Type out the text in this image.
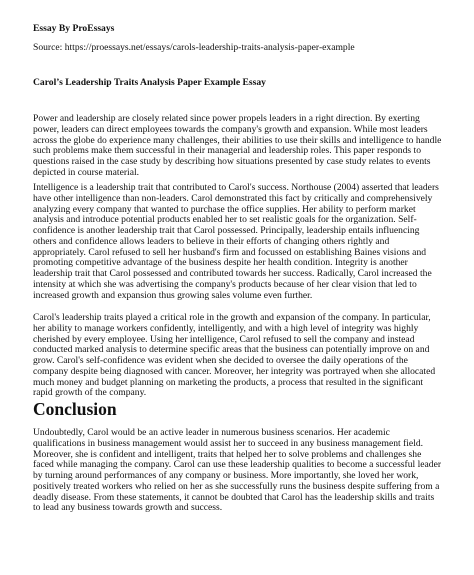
Essay By ProEssays
Source: https://proessays.net/essays/carols-leadership-traits-analysis-paper-example
Carol’s Leadership Traits Analysis Paper Example Essay

Power and leadership are closely related since power propels leaders in a right direction. By exerting power, leaders can direct employees towards the company's growth and expansion. While most leaders across the globe do experience many challenges, their abilities to use their skills and intelligence to handle such problems make them successful in their managerial and leadership roles. This paper responds to questions raised in the case study by describing how situations presented by case study relates to events depicted in course material.

Intelligence is a leadership trait that contributed to Carol's success. Northouse (2004) asserted that leaders have other intelligence than non-leaders. Carol demonstrated this fact by critically and comprehensively analyzing every company that wanted to purchase the office supplies. Her ability to perform market analysis and introduce potential products enabled her to set realistic goals for the organization. Self-confidence is another leadership trait that Carol possessed. Principally, leadership entails influencing others and confidence allows leaders to believe in their efforts of changing others rightly and appropriately. Carol refused to sell her husband's firm and focussed on establishing Baines visions and promoting competitive advantage of the business despite her health condition. Integrity is another leadership trait that Carol possessed and contributed towards her success. Radically, Carol increased the intensity at which she was advertising the company's products because of her clear vision that led to increased growth and expansion thus growing sales volume even further.

Carol's leadership traits played a critical role in the growth and expansion of the company. In particular, her ability to manage workers confidently, intelligently, and with a high level of integrity was highly cherished by every employee. Using her intelligence, Carol refused to sell the company and instead conducted marked analysis to determine specific areas that the business can potentially improve on and grow. Carol's self-confidence was evident when she decided to oversee the daily operations of the company despite being diagnosed with cancer. Moreover, her integrity was portrayed when she allocated much money and budget planning on marketing the products, a process that resulted in the significant rapid growth of the company.

Conclusion

Undoubtedly, Carol would be an active leader in numerous business scenarios. Her academic qualifications in business management would assist her to succeed in any business management field. Moreover, she is confident and intelligent, traits that helped her to solve problems and challenges she faced while managing the company. Carol can use these leadership qualities to become a successful leader by turning around performances of any company or business. More importantly, she loved her work, positively treated workers who relied on her as she successfully runs the business despite suffering from a deadly disease. From these statements, it cannot be doubted that Carol has the leadership skills and traits to lead any business towards growth and success.
